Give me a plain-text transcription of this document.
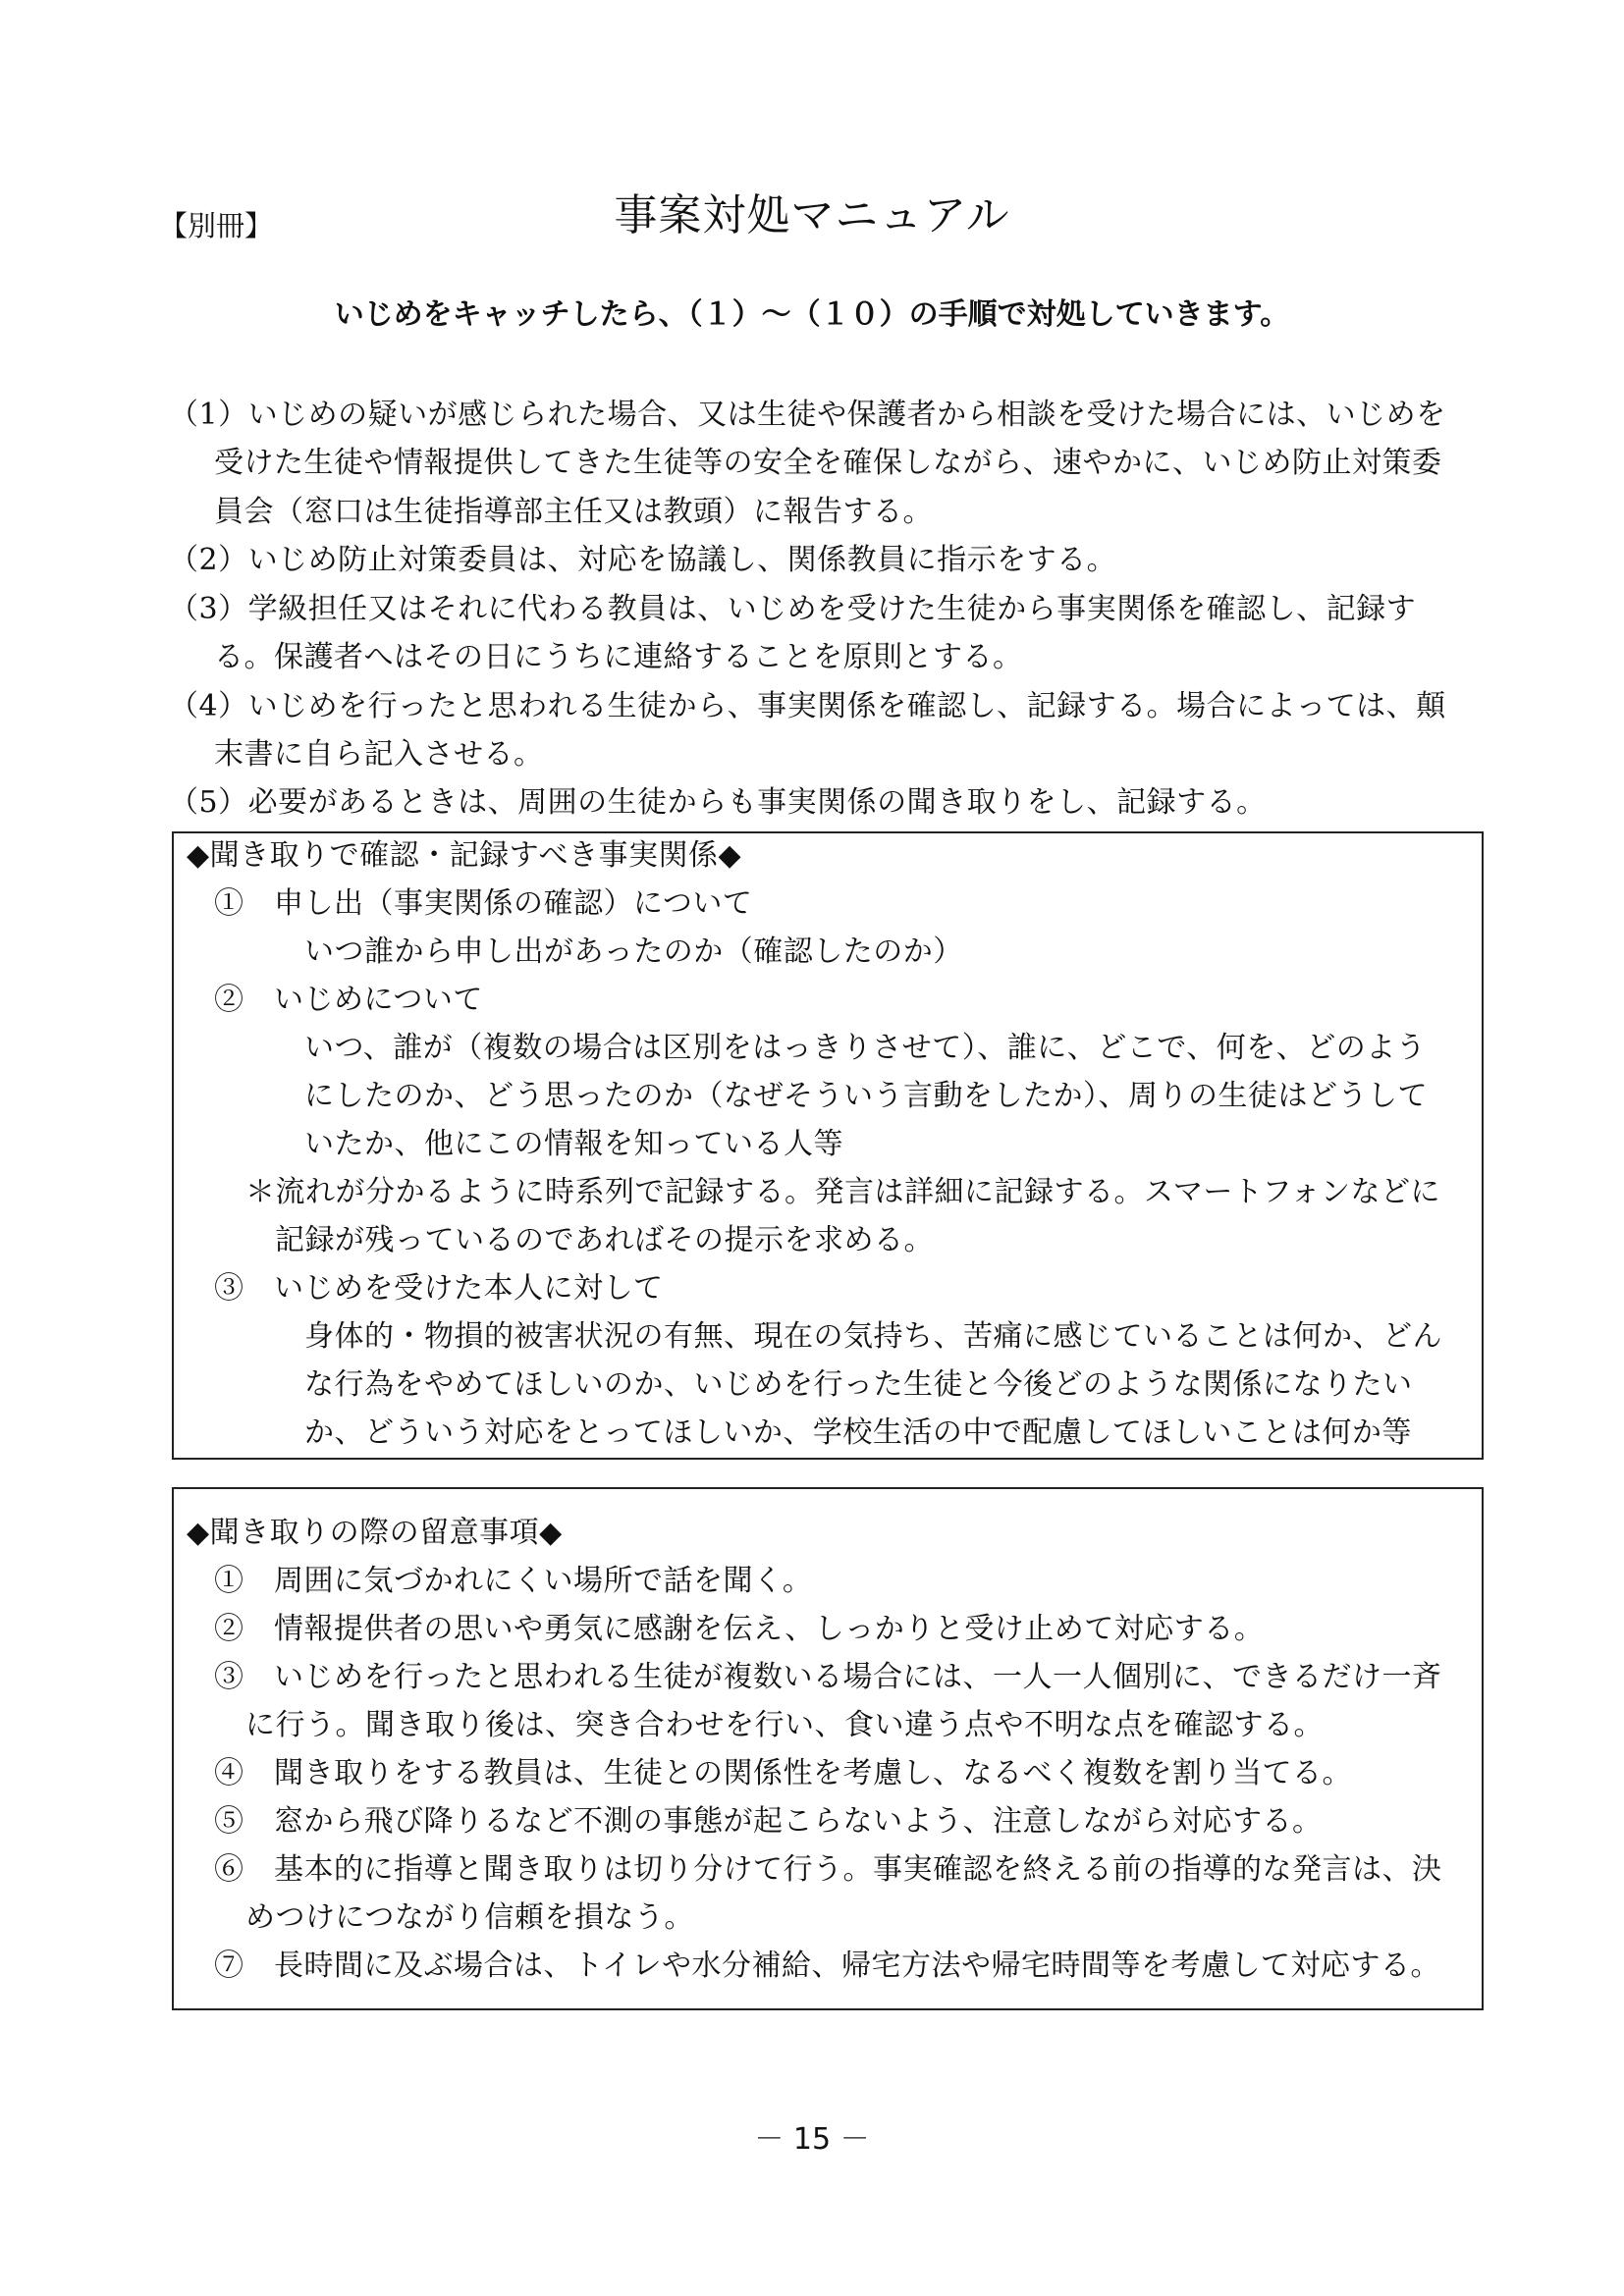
【別冊】	事案対処マニュアル
いじめをキャッチしたら、（１）～（１０）の手順で対処していきます。
（1）いじめの疑いが感じられた場合、又は生徒や保護者から相談を受けた場合には、いじめを
受けた生徒や情報提供してきた生徒等の安全を確保しながら、速やかに、いじめ防止対策委
員会（窓口は生徒指導部主任又は教頭）に報告する。
（2）いじめ防止対策委員は、対応を協議し、関係教員に指示をする。
（3）学級担任又はそれに代わる教員は、いじめを受けた生徒から事実関係を確認し、記録す
る。保護者へはその日にうちに連絡することを原則とする。
（4）いじめを行ったと思われる生徒から、事実関係を確認し、記録する。場合によっては、顛
末書に自ら記入させる。
（5）必要があるときは、周囲の生徒からも事実関係の聞き取りをし、記録する。
◆聞き取りで確認・記録すべき事実関係◆
①　申し出（事実関係の確認）について
いつ誰から申し出があったのか（確認したのか）
②　いじめについて
いつ、誰が（複数の場合は区別をはっきりさせて）、誰に、どこで、何を、どのよう
にしたのか、どう思ったのか（なぜそういう言動をしたか）、周りの生徒はどうして
いたか、他にこの情報を知っている人等
＊流れが分かるように時系列で記録する。発言は詳細に記録する。スマートフォンなどに
記録が残っているのであればその提示を求める。
③　いじめを受けた本人に対して
身体的・物損的被害状況の有無、現在の気持ち、苦痛に感じていることは何か、どん
な行為をやめてほしいのか、いじめを行った生徒と今後どのような関係になりたい
か、どういう対応をとってほしいか、学校生活の中で配慮してほしいことは何か等
◆聞き取りの際の留意事項◆
①　周囲に気づかれにくい場所で話を聞く。
②　情報提供者の思いや勇気に感謝を伝え、しっかりと受け止めて対応する。
③　いじめを行ったと思われる生徒が複数いる場合には、一人一人個別に、できるだけ一斉
に行う。聞き取り後は、突き合わせを行い、食い違う点や不明な点を確認する。
④　聞き取りをする教員は、生徒との関係性を考慮し、なるべく複数を割り当てる。
⑤　窓から飛び降りるなど不測の事態が起こらないよう、注意しながら対応する。
⑥　基本的に指導と聞き取りは切り分けて行う。事実確認を終える前の指導的な発言は、決
めつけにつながり信頼を損なう。
⑦　長時間に及ぶ場合は、トイレや水分補給、帰宅方法や帰宅時間等を考慮して対応する。
－ 15 －
